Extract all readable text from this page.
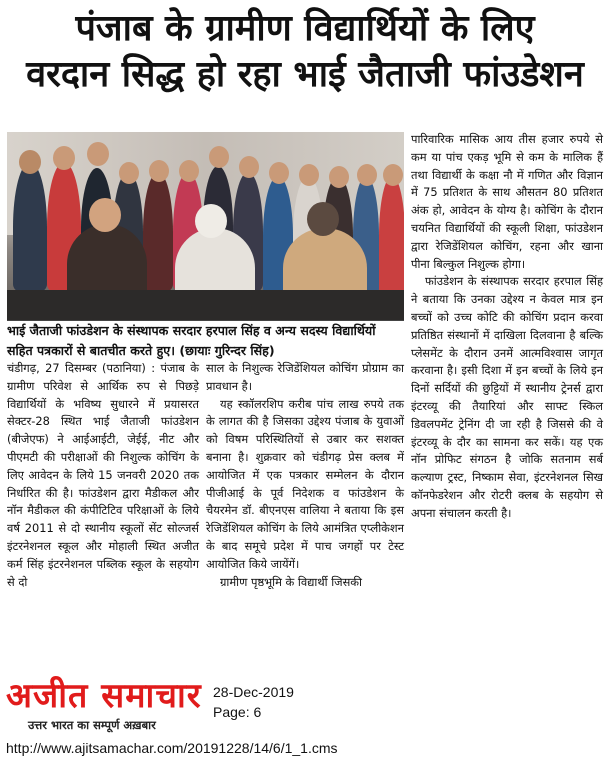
पंजाब के ग्रामीण विद्यार्थियों के लिए
वरदान सिद्ध हो रहा भाई जैताजी फांउडेशन
भाई जैताजी फांउडेशन के संस्थापक सरदार हरपाल सिंह व अन्य सदस्य विद्यार्थियों सहित पत्रकारों से बातचीत करते हुए। (छायाः गुरिन्दर सिंह)

चंडीगढ़, 27 दिसम्बर (पठानिया) : पंजाब के ग्रामीण परिवेश से आर्थिक रुप से पिछड़े विद्यार्थियों के भविष्य सुधारने में प्रयासरत सेक्टर-28 स्थित भाई जैताजी फांउडेशन (बीजेएफ) ने आईआईटी, जेईई, नीट और पीएमटी की परीक्षाओं की निशुल्क कोचिंग के लिए आवेदन के लिये 15 जनवरी 2020 तक निर्धारित की है। फांउडेशन द्वारा मैडीकल और नॉन मैडीकल की कंपीटिटिव परिक्षाओं के लिये वर्ष 2011 से दो स्थानीय स्कूलों सेंट सोल्जर्स इंटरनेशनल स्कूल और मोहाली स्थित अजीत कर्म सिंह इंटरनेशनल पब्लिक स्कूल के सहयोग से दो

साल के निशुल्क रेजिडेंशियल कोचिंग प्रोग्राम का प्रावधान है।

यह स्कॉलरशिप करीब पांच लाख रुपये तक के लागत की है जिसका उद्देश्य पंजाब के युवाओं को विषम परिस्थितियों से उबार कर सशक्त बनाना है। शुक्रवार को चंडीगढ़ प्रेस क्लब में आयोजित में एक पत्रकार सम्मेलन के दौरान पीजीआई के पूर्व निदेशक व फांउडेशन के चैयरमेन डॉ. बीएनएस वालिया ने बताया कि इस रेजिडेंशियल कोचिंग के लिये आमंत्रित एप्लीकेशन के बाद समूचे प्रदेश में पाच जगहों पर टेस्ट आयोजित किये जायेंगें।

ग्रामीण पृष्ठभूमि के विद्यार्थी जिसकी

पारिवारिक मासिक आय तीस हजार रुपये से कम या पांच एकड़ भूमि से कम के मालिक हैं तथा विद्यार्थी के कक्षा नौ में गणित और विज्ञान में 75 प्रतिशत के साथ औसतन 80 प्रतिशत अंक हो, आवेदन के योग्य है। कोचिंग के दौरान चयनित विद्यार्थियों की स्कूली शिक्षा, फांउडेशन द्वारा रेजिडेंशियल कोचिंग, रहना और खाना पीना बिल्कुल निशुल्क होगा।

फांउडेशन के संस्थापक सरदार हरपाल सिंह ने बताया कि उनका उद्देश्य न केवल मात्र इन बच्चों को उच्च कोटि की कोचिंग प्रदान करवा प्रतिष्ठित संस्थानों में दाखिला दिलवाना है बल्कि प्लेसमेंट के दौरान उनमें आत्मविश्वास जागृत करवाना है। इसी दिशा में इन बच्चों के लिये इन दिनों सर्दियों की छुट्टियों में स्थानीय ट्रेनर्स द्वारा इंटरव्यू की तैयारियां और साफ्ट स्किल डिवलपमेंट ट्रेनिंग दी जा रही है जिससे की वे इंटरव्यू के दौर का सामना कर सकें। यह एक नॉन प्रोफिट संगठन है जोकि सतनाम सर्ब कल्याण ट्रस्ट, निष्काम सेवा, इंटरनेशनल सिख कॉनफेडरेशन और रोटरी क्लब के सहयोग से अपना संचालन करती है।

अजीत समाचार
उत्तर भारत का सम्पूर्ण अख़बार
28-Dec-2019
Page: 6
http://www.ajitsamachar.com/20191228/14/6/1_1.cms
